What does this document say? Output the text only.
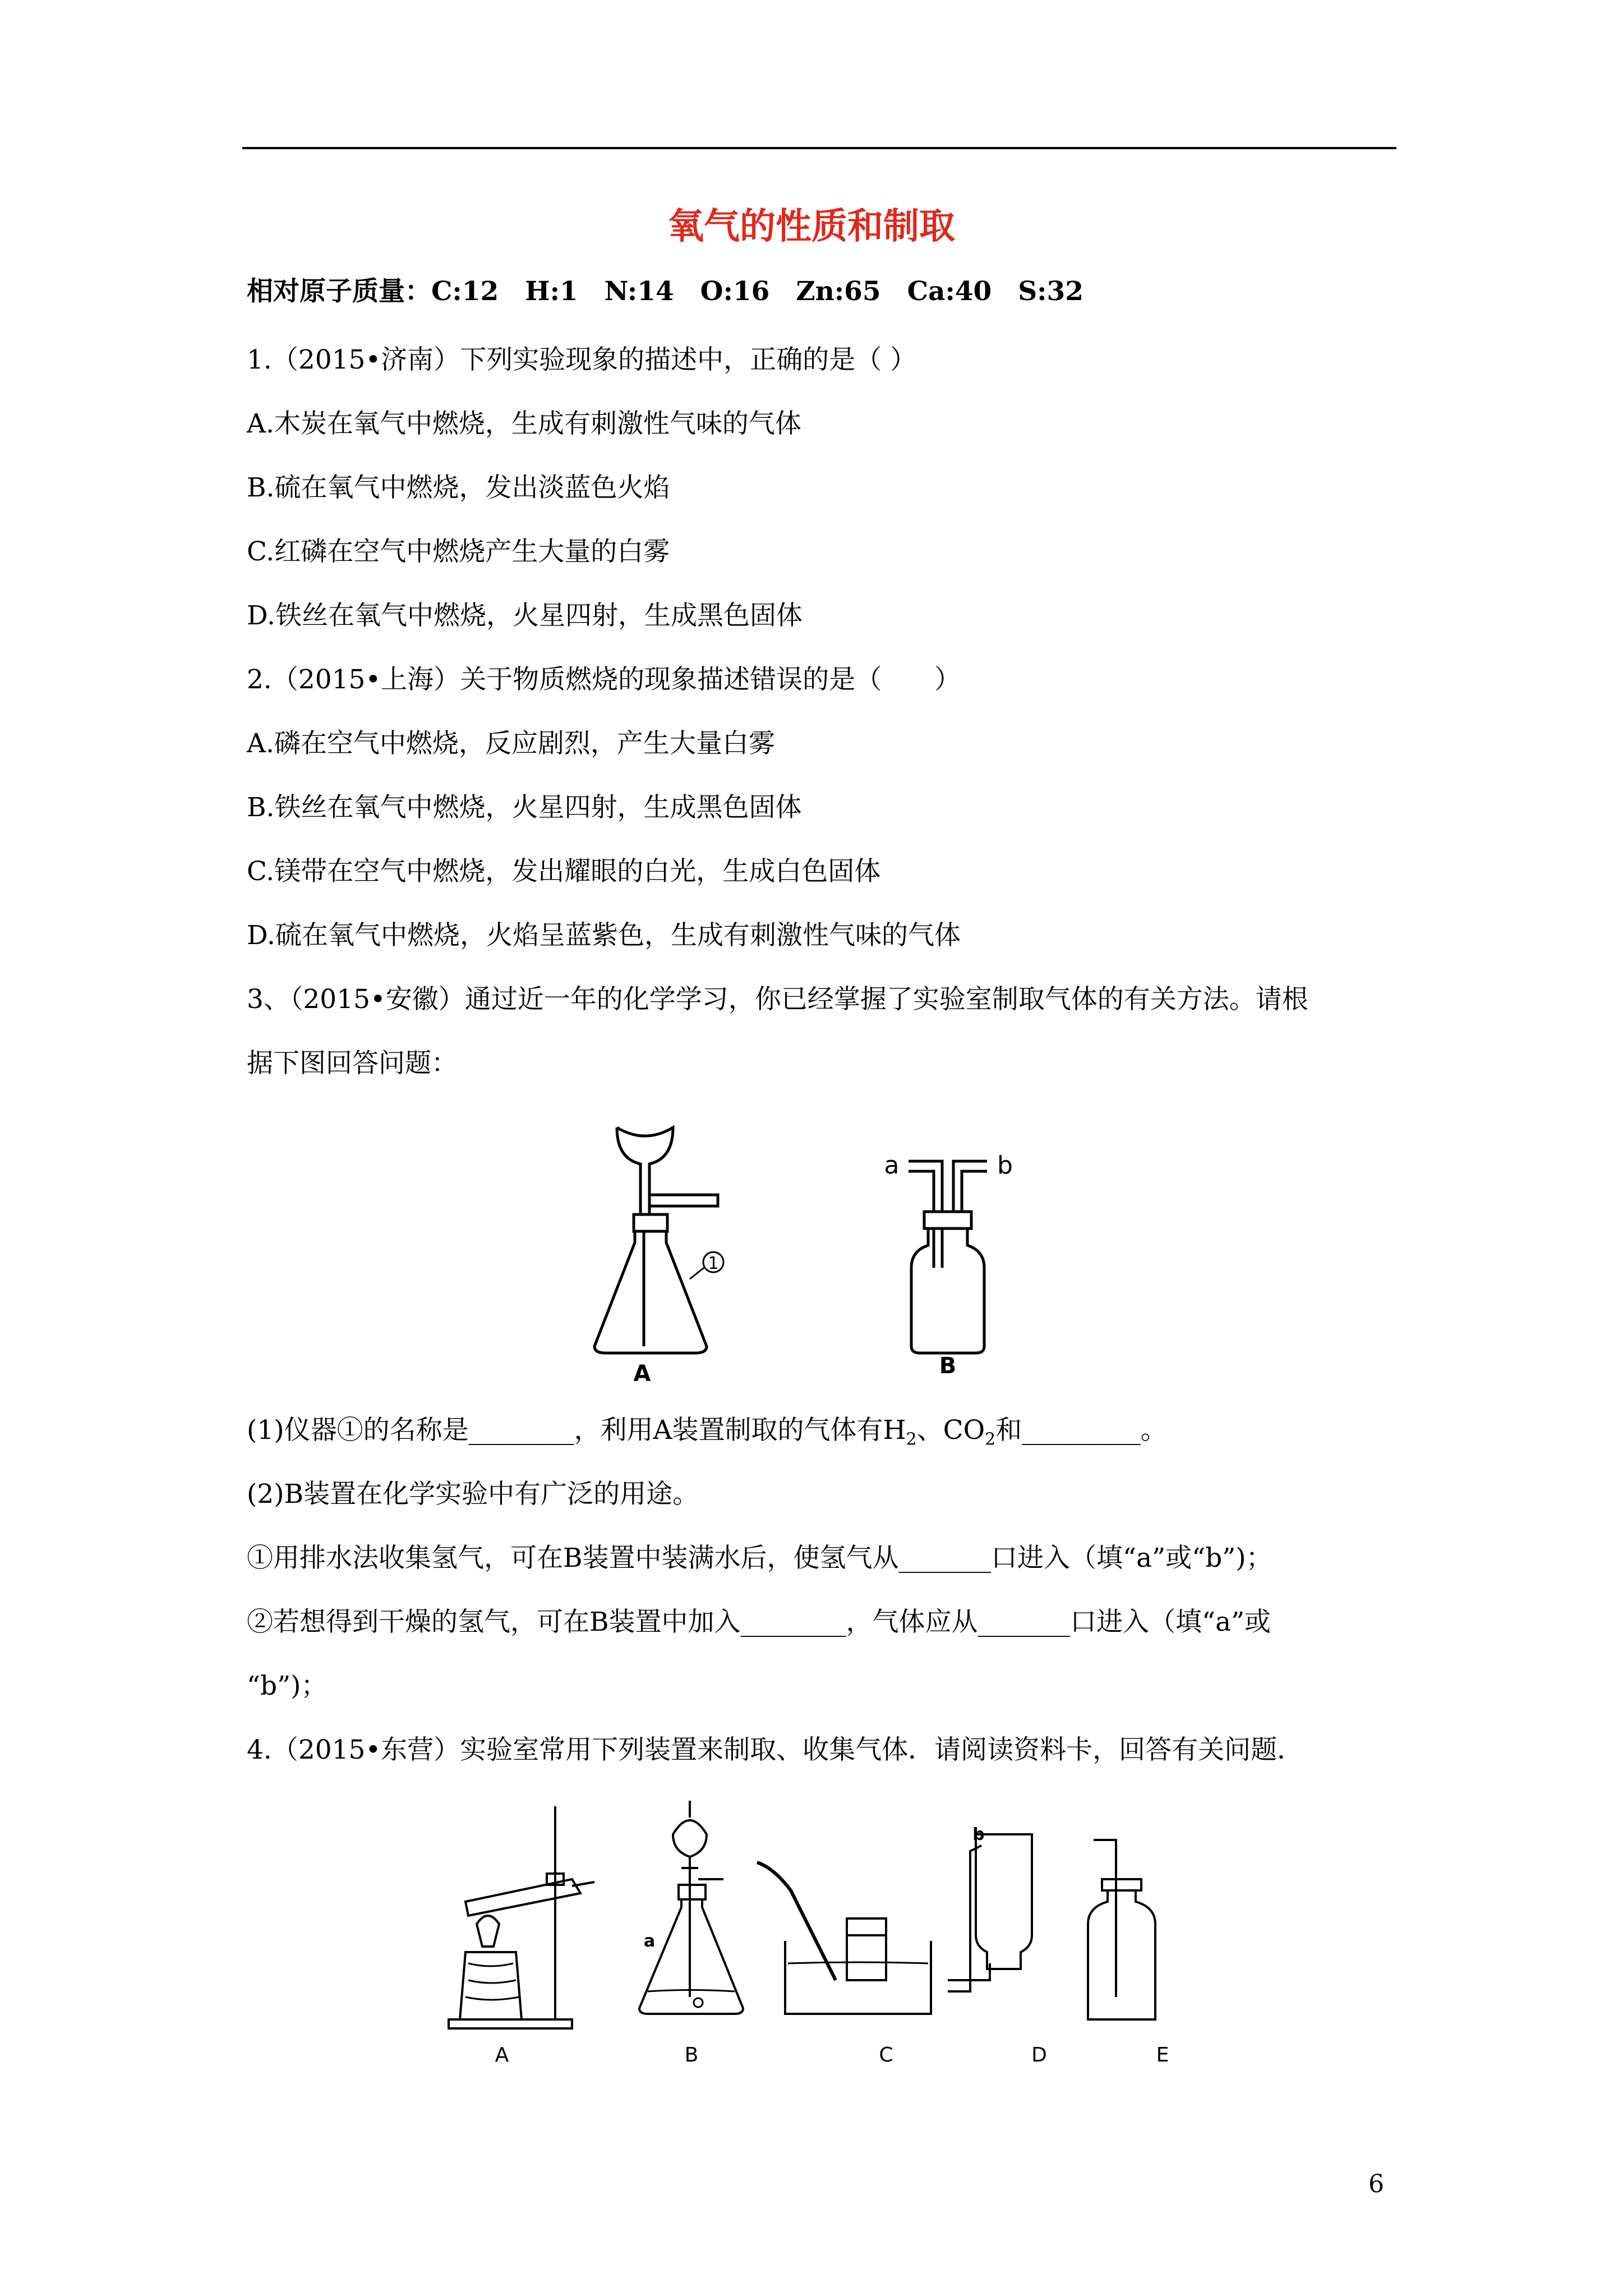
氧气的性质和制取
相对原子质量：C:12　H:1　N:14　O:16　Zn:65　Ca:40　S:32
1.（2015•济南）下列实验现象的描述中，正确的是（ ）
A.木炭在氧气中燃烧，生成有刺激性气味的气体
B.硫在氧气中燃烧，发出淡蓝色火焰
C.红磷在空气中燃烧产生大量的白雾
D.铁丝在氧气中燃烧，火星四射，生成黑色固体
2.（2015•上海）关于物质燃烧的现象描述错误的是（　　）
A.磷在空气中燃烧，反应剧烈，产生大量白雾
B.铁丝在氧气中燃烧，火星四射，生成黑色固体
C.镁带在空气中燃烧，发出耀眼的白光，生成白色固体
D.硫在氧气中燃烧，火焰呈蓝紫色，生成有刺激性气味的气体
3、（2015•安徽）通过近一年的化学学习，你已经掌握了实验室制取气体的有关方法。请根
据下图回答问题：
1
A	B
a	b
(1)仪器①的名称是________，利用A装置制取的气体有$H_2$、$CO_2$和_________。
(2)B装置在化学实验中有广泛的用途。
①用排水法收集氢气，可在B装置中装满水后，使氢气从_______口进入（填“a”或“b”)；
②若想得到干燥的氢气，可在B装置中加入________，气体应从_______口进入（填“a”或
“b”)；
4.（2015•东营）实验室常用下列装置来制取、收集气体．请阅读资料卡，回答有关问题．
A	B	C	D	E
a
b
6
